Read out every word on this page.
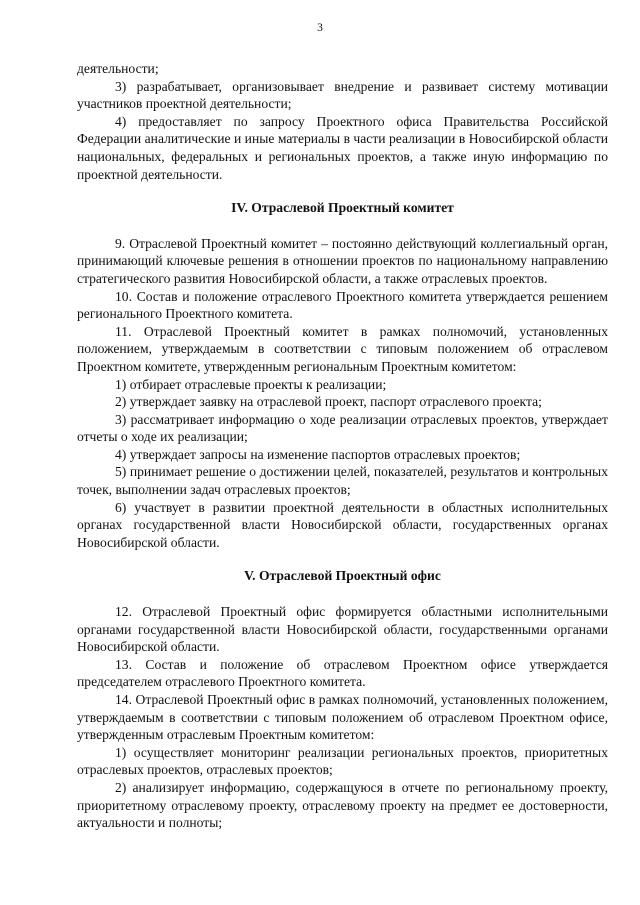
3

деятельности;

3) разрабатывает, организовывает внедрение и развивает систему мотивации участников проектной деятельности;

4) предоставляет по запросу Проектного офиса Правительства Российской Федерации аналитические и иные материалы в части реализации в Новосибирской области национальных, федеральных и региональных проектов, а также иную информацию по проектной деятельности.

IV. Отраслевой Проектный комитет

9. Отраслевой Проектный комитет – постоянно действующий коллегиальный орган, принимающий ключевые решения в отношении проектов по национальному направлению стратегического развития Новосибирской области, а также отраслевых проектов.

10. Состав и положение отраслевого Проектного комитета утверждается решением регионального Проектного комитета.

11. Отраслевой Проектный комитет в рамках полномочий, установленных положением, утверждаемым в соответствии с типовым положением об отраслевом Проектном комитете, утвержденным региональным Проектным комитетом:

1) отбирает отраслевые проекты к реализации;

2) утверждает заявку на отраслевой проект, паспорт отраслевого проекта;

3) рассматривает информацию о ходе реализации отраслевых проектов, утверждает отчеты о ходе их реализации;

4) утверждает запросы на изменение паспортов отраслевых проектов;

5) принимает решение о достижении целей, показателей, результатов и контрольных точек, выполнении задач отраслевых проектов;

6) участвует в развитии проектной деятельности в областных исполнительных органах государственной власти Новосибирской области, государственных органах Новосибирской области.

V. Отраслевой Проектный офис

12. Отраслевой Проектный офис формируется областными исполнительными органами государственной власти Новосибирской области, государственными органами Новосибирской области.

13. Состав и положение об отраслевом Проектном офисе утверждается председателем отраслевого Проектного комитета.

14. Отраслевой Проектный офис в рамках полномочий, установленных положением, утверждаемым в соответствии с типовым положением об отраслевом Проектном офисе, утвержденным отраслевым Проектным комитетом:

1) осуществляет мониторинг реализации региональных проектов, приоритетных отраслевых проектов, отраслевых проектов;

2) анализирует информацию, содержащуюся в отчете по региональному проекту, приоритетному отраслевому проекту, отраслевому проекту на предмет ее достоверности, актуальности и полноты;
